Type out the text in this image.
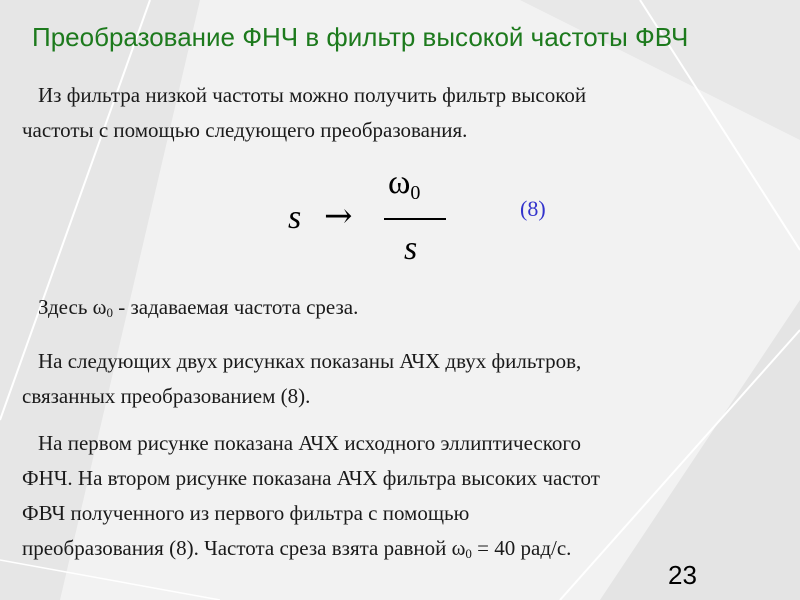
Преобразование ФНЧ в фильтр высокой частоты ФВЧ
Из фильтра низкой частоты можно получить фильтр высокой
частоты с помощью следующего преобразования.
s →
$\omega_0$
s
(8)
Здесь $\omega_0$ - задаваемая частота среза.
На следующих двух рисунках показаны АЧХ двух фильтров,
связанных преобразованием (8).
На первом рисунке показана АЧХ исходного эллиптического
ФНЧ. На втором рисунке показана АЧХ фильтра высоких частот
ФВЧ полученного из первого фильтра с помощью
преобразования (8). Частота среза взята равной $\omega_0 = 40$ рад/с.
23
